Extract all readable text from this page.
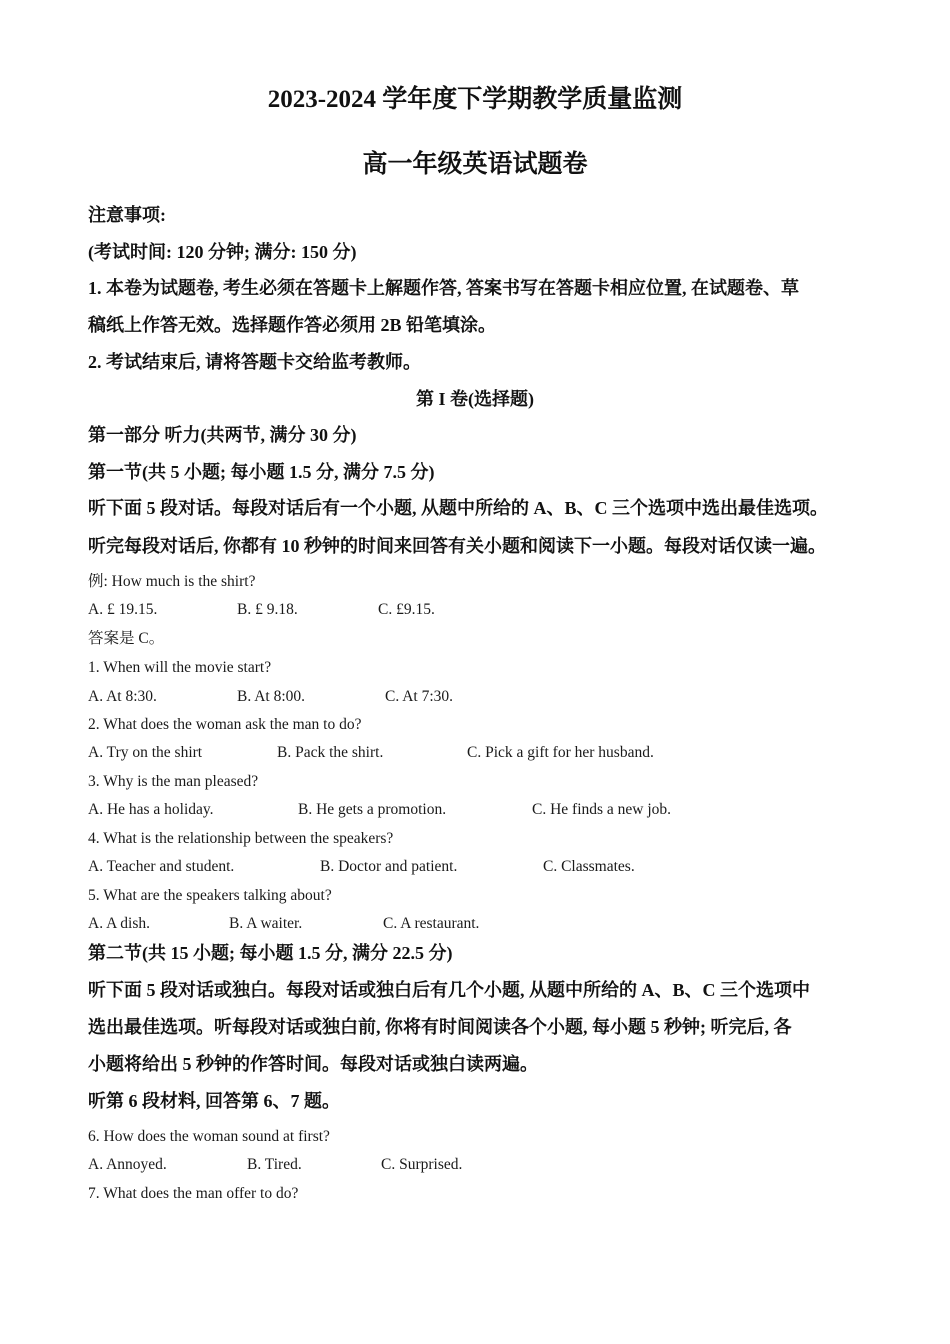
2023-2024 学年度下学期教学质量监测
高一年级英语试题卷
注意事项:
(考试时间: 120 分钟; 满分: 150 分)
1. 本卷为试题卷, 考生必须在答题卡上解题作答, 答案书写在答题卡相应位置, 在试题卷、草
稿纸上作答无效。选择题作答必须用 2B 铅笔填涂。
2. 考试结束后, 请将答题卡交给监考教师。
第 I 卷(选择题)
第一部分 听力(共两节, 满分 30 分)
第一节(共 5 小题; 每小题 1.5 分, 满分 7.5 分)
听下面 5 段对话。每段对话后有一个小题, 从题中所给的 A、B、C 三个选项中选出最佳选项。
听完每段对话后, 你都有 10 秒钟的时间来回答有关小题和阅读下一小题。每段对话仅读一遍。
例: How much is the shirt?
A. £ 19.15.	B. £ 9.18.	C. £9.15.
答案是 C。
1. When will the movie start?
A. At 8:30.	B. At 8:00.	C. At 7:30.
2. What does the woman ask the man to do?
A. Try on the shirt	B. Pack the shirt.	C. Pick a gift for her husband.
3. Why is the man pleased?
A. He has a holiday.	B. He gets a promotion.	C. He finds a new job.
4. What is the relationship between the speakers?
A. Teacher and student.	B. Doctor and patient.	C. Classmates.
5. What are the speakers talking about?
A. A dish.	B. A waiter.	C. A restaurant.
第二节(共 15 小题; 每小题 1.5 分, 满分 22.5 分)
听下面 5 段对话或独白。每段对话或独白后有几个小题, 从题中所给的 A、B、C 三个选项中
选出最佳选项。听每段对话或独白前, 你将有时间阅读各个小题, 每小题 5 秒钟; 听完后, 各
小题将给出 5 秒钟的作答时间。每段对话或独白读两遍。
听第 6 段材料, 回答第 6、7 题。
6. How does the woman sound at first?
A. Annoyed.	B. Tired.	C. Surprised.
7. What does the man offer to do?
